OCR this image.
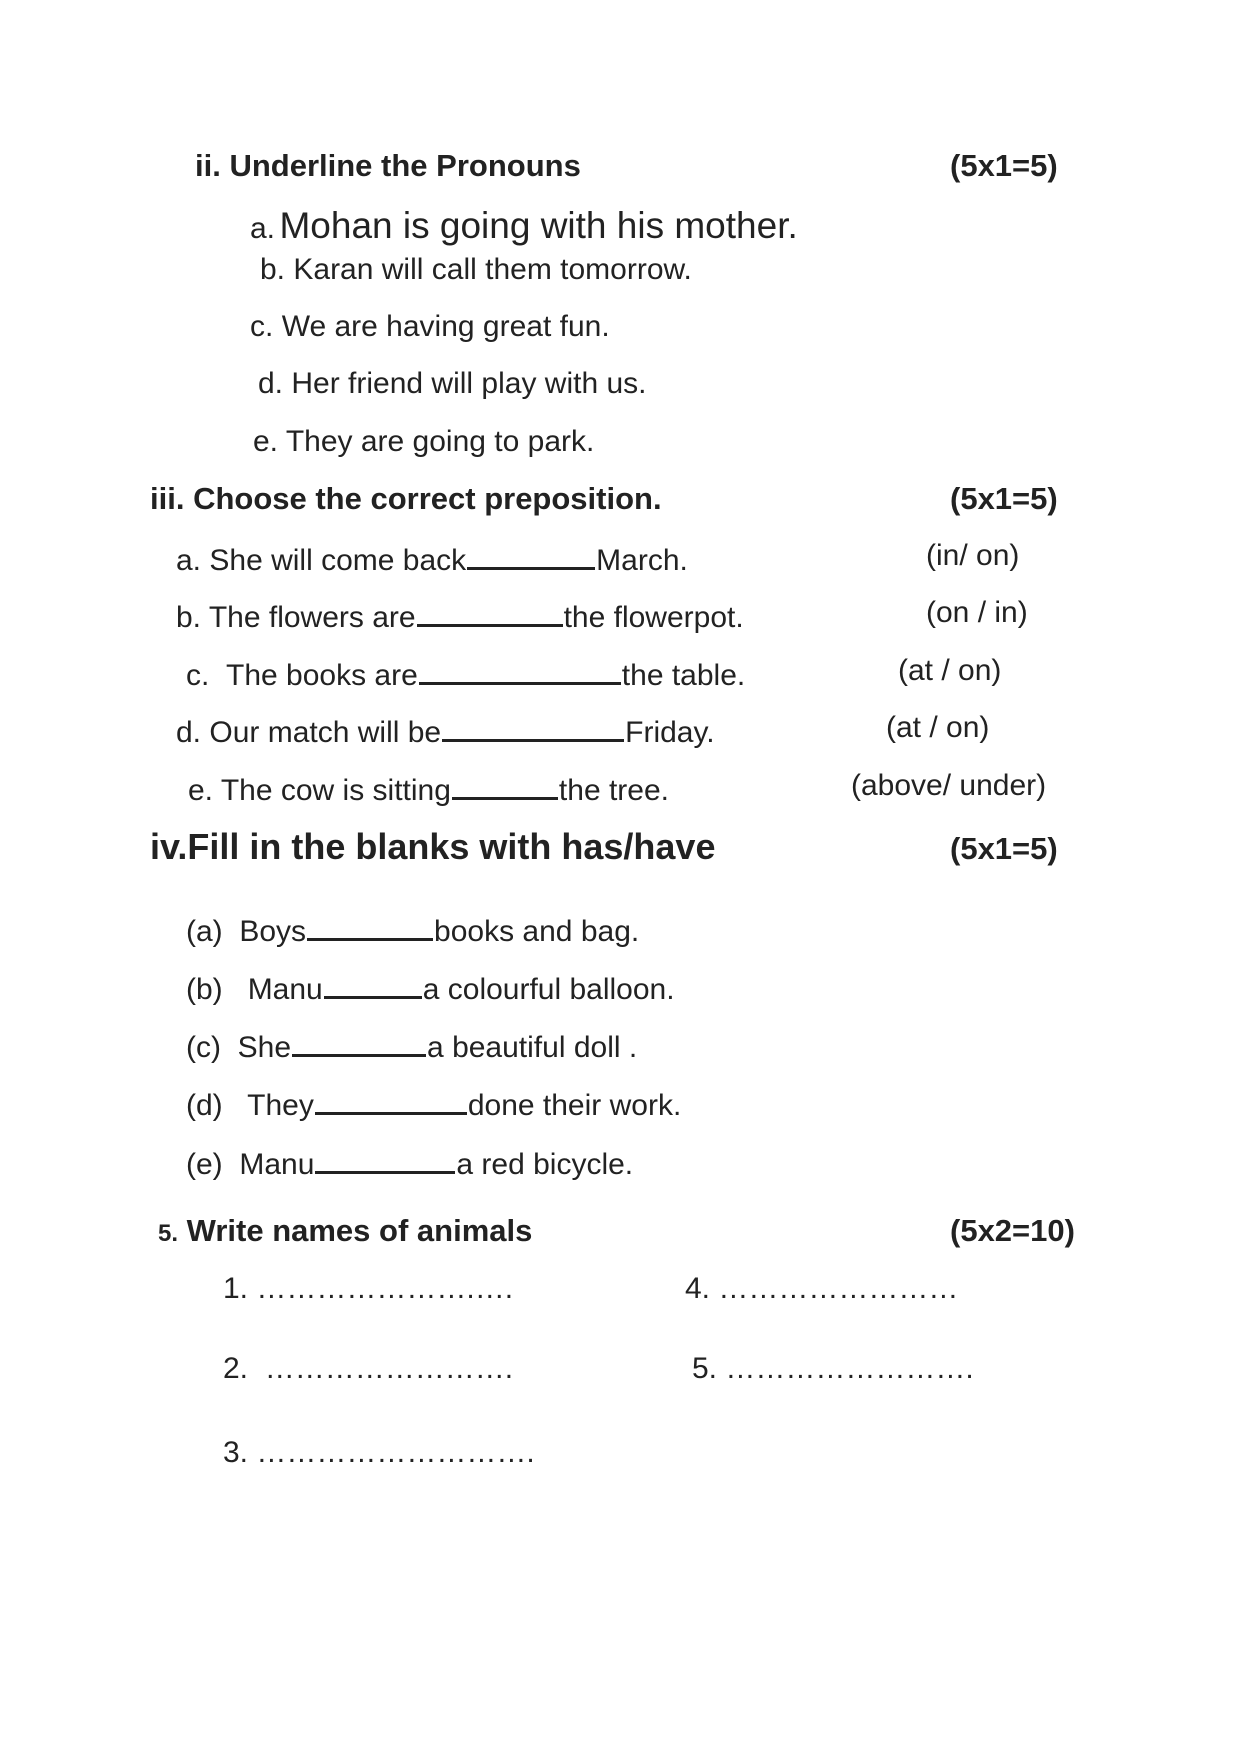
ii. Underline the Pronouns	(5x1=5)
a. Mohan is going with his mother.
b. Karan will call them tomorrow.
c. We are having great fun.
d. Her friend will play with us.
e. They are going to park.
iii. Choose the correct preposition.	(5x1=5)
a. She will come back	March.	(in/ on)
b. The flowers are	the flowerpot.	(on / in)
c. The books are	the table.	(at / on)
d. Our match will be	Friday.	(at / on)
e. The cow is sitting	the tree.	(above/ under)
iv.Fill in the blanks with has/have	(5x1=5)
(a) Boys	books and bag.
(b) Manu	a colourful balloon.
(c) She	a beautiful doll .
(d) They	done their work.
(e) Manu	a red bicycle.
5. Write names of animals	(5x2=10)
1. ………………….….
2. …………………….
3. ……………………….
4. ……………………
5. …………………….
